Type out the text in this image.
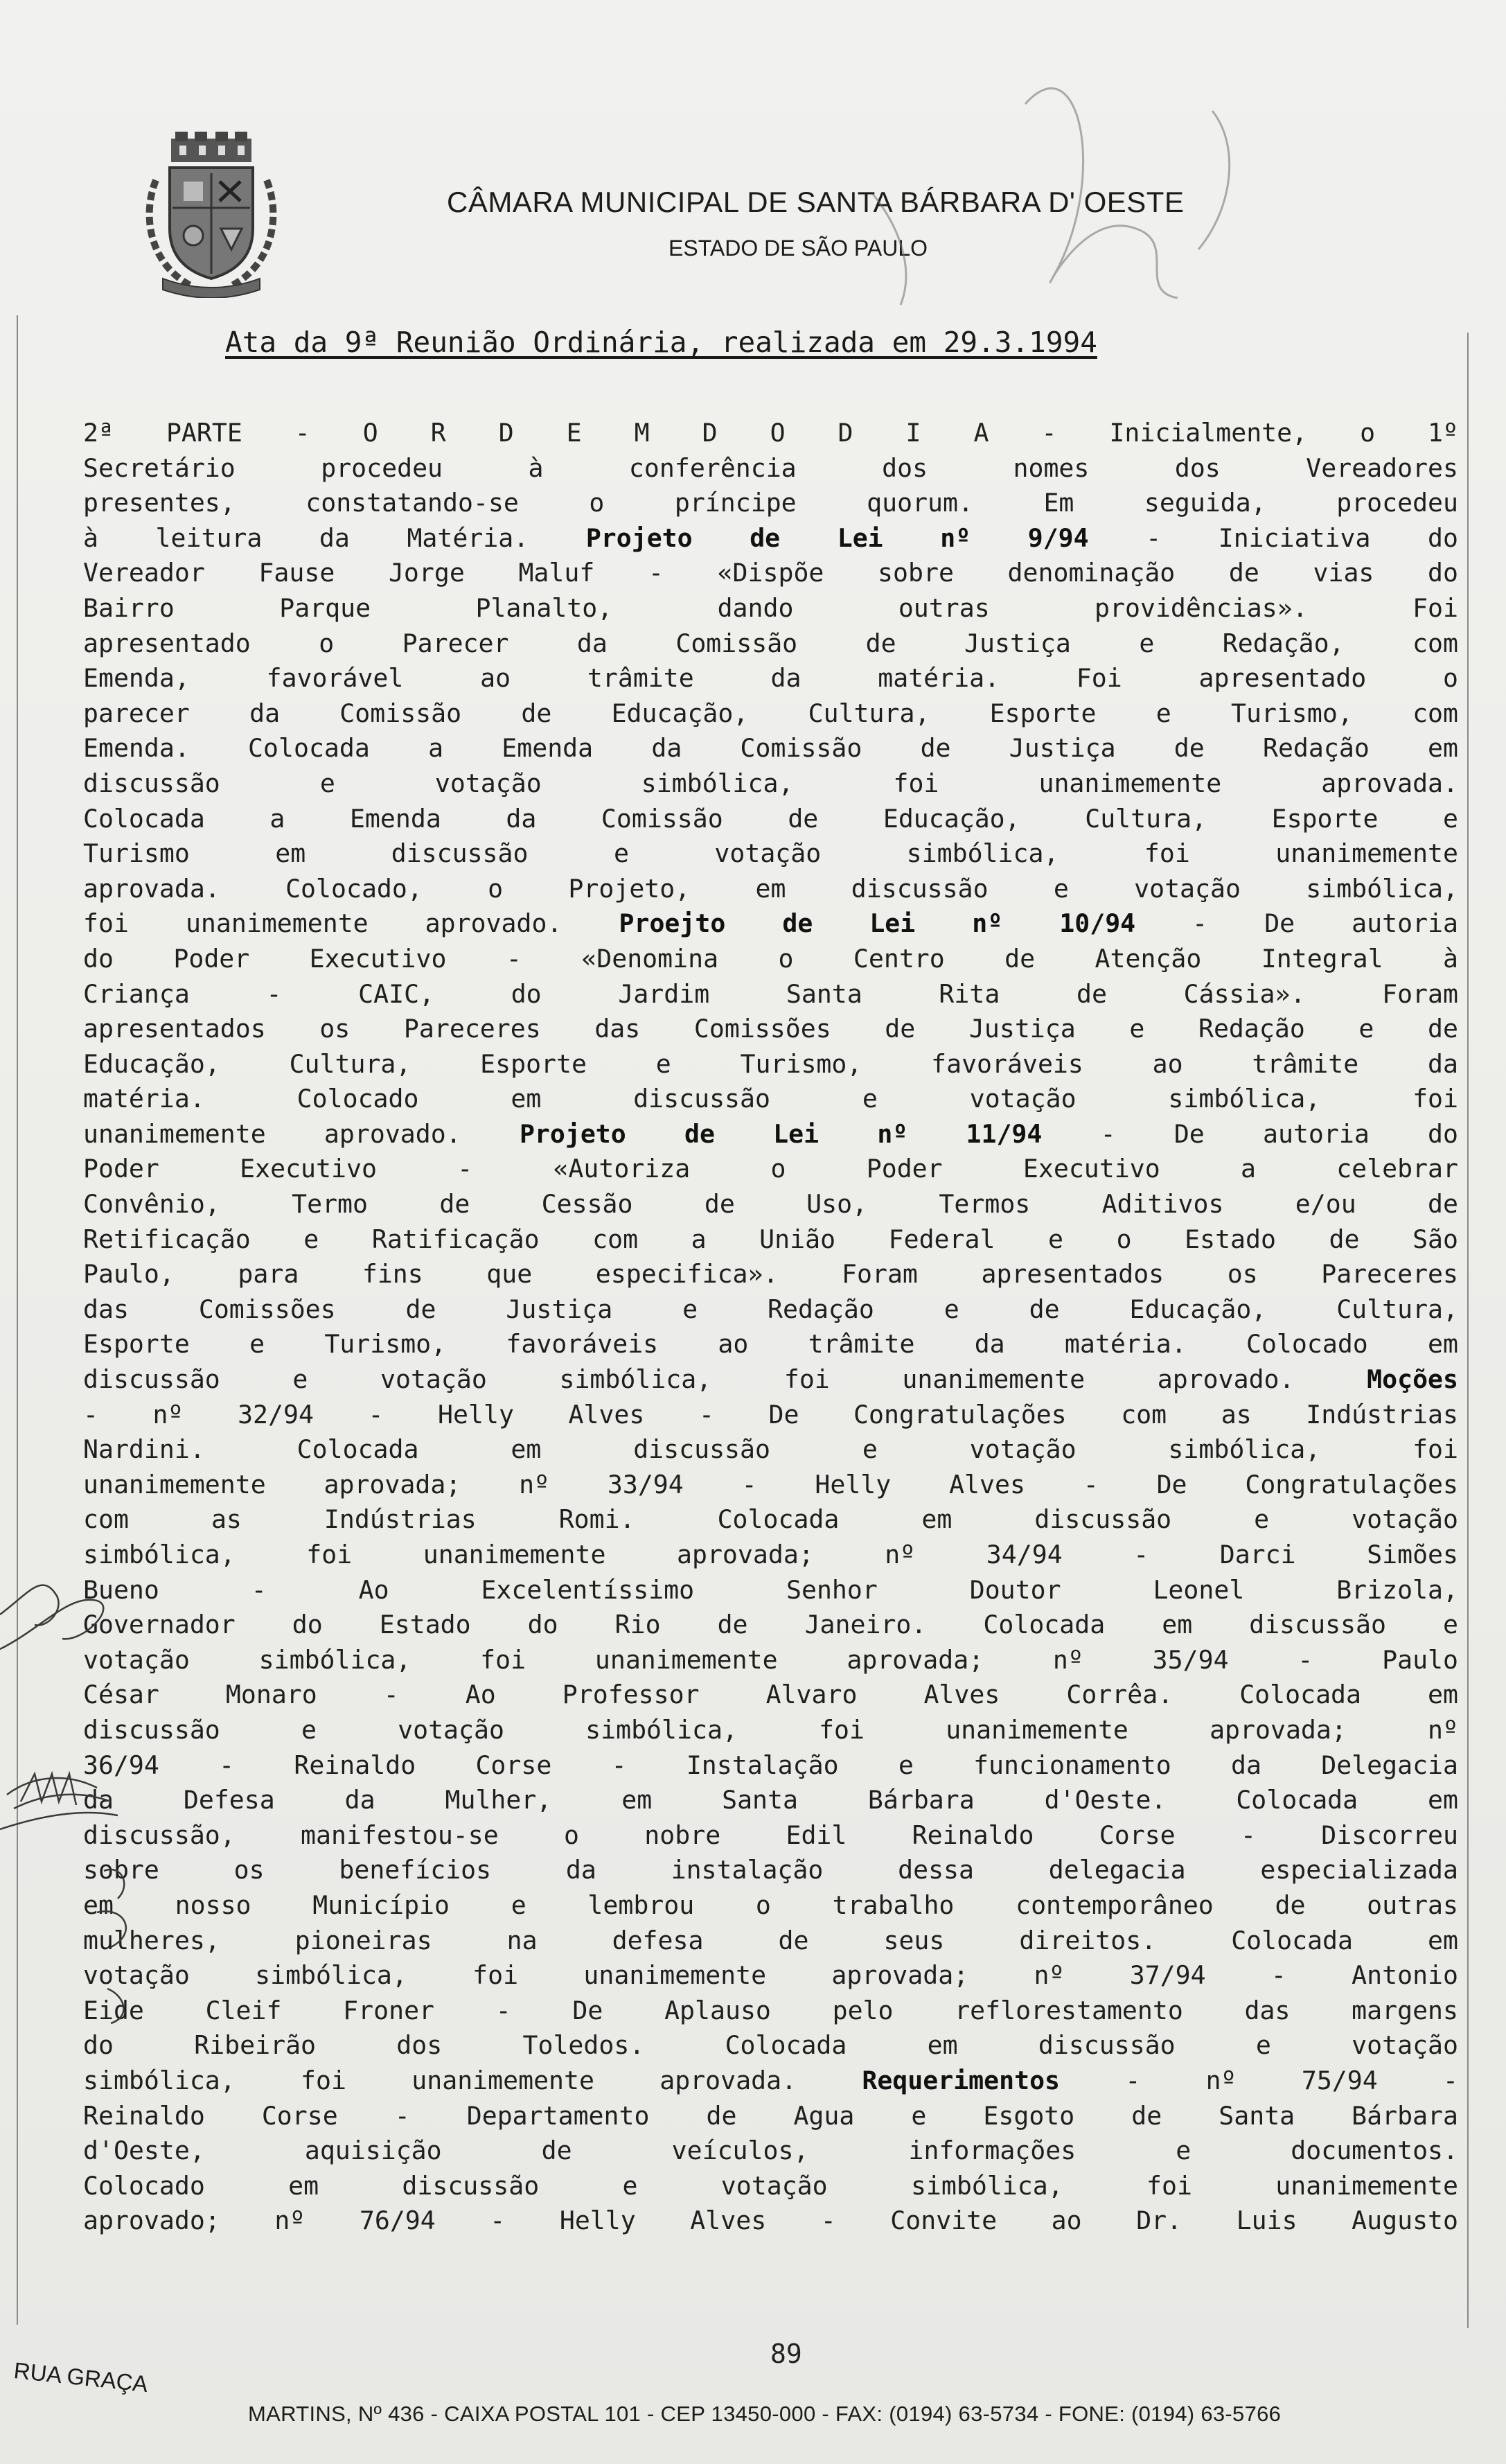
CÂMARA MUNICIPAL DE SANTA BÁRBARA D' OESTE
ESTADO DE SÃO PAULO
Ata da 9ª Reunião Ordinária, realizada em 29.3.1994
2ª PARTE - O R D E M D O D I A - Inicialmente, o 1º
Secretário procedeu à conferência dos nomes dos Vereadores
presentes, constatando-se o príncipe quorum. Em seguida, procedeu
à leitura da Matéria. Projeto de Lei nº 9/94 - Iniciativa do
Vereador Fause Jorge Maluf - «Dispõe sobre denominação de vias do
Bairro Parque Planalto, dando outras providências». Foi
apresentado o Parecer da Comissão de Justiça e Redação, com
Emenda, favorável ao trâmite da matéria. Foi apresentado o
parecer da Comissão de Educação, Cultura, Esporte e Turismo, com
Emenda. Colocada a Emenda da Comissão de Justiça de Redação em
discussão e votação simbólica, foi unanimemente aprovada.
Colocada a Emenda da Comissão de Educação, Cultura, Esporte e
Turismo em discussão e votação simbólica, foi unanimemente
aprovada. Colocado, o Projeto, em discussão e votação simbólica,
foi unanimemente aprovado. Proejto de Lei nº 10/94 - De autoria
do Poder Executivo - «Denomina o Centro de Atenção Integral à
Criança - CAIC, do Jardim Santa Rita de Cássia». Foram
apresentados os Pareceres das Comissões de Justiça e Redação e de
Educação, Cultura, Esporte e Turismo, favoráveis ao trâmite da
matéria. Colocado em discussão e votação simbólica, foi
unanimemente aprovado. Projeto de Lei nº 11/94 - De autoria do
Poder Executivo - «Autoriza o Poder Executivo a celebrar
Convênio, Termo de Cessão de Uso, Termos Aditivos e/ou de
Retificação e Ratificação com a União Federal e o Estado de São
Paulo, para fins que especifica». Foram apresentados os Pareceres
das Comissões de Justiça e Redação e de Educação, Cultura,
Esporte e Turismo, favoráveis ao trâmite da matéria. Colocado em
discussão e votação simbólica, foi unanimemente aprovado. Moções
- nº 32/94 - Helly Alves - De Congratulações com as Indústrias
Nardini. Colocada em discussão e votação simbólica, foi
unanimemente aprovada; nº 33/94 - Helly Alves - De Congratulações
com as Indústrias Romi. Colocada em discussão e votação
simbólica, foi unanimemente aprovada; nº 34/94 - Darci Simões
Bueno - Ao Excelentíssimo Senhor Doutor Leonel Brizola,
Governador do Estado do Rio de Janeiro. Colocada em discussão e
votação simbólica, foi unanimemente aprovada; nº 35/94 - Paulo
César Monaro - Ao Professor Alvaro Alves Corrêa. Colocada em
discussão e votação simbólica, foi unanimemente aprovada; nº
36/94 - Reinaldo Corse - Instalação e funcionamento da Delegacia
da Defesa da Mulher, em Santa Bárbara d'Oeste. Colocada em
discussão, manifestou-se o nobre Edil Reinaldo Corse - Discorreu
sobre os benefícios da instalação dessa delegacia especializada
em nosso Município e lembrou o trabalho contemporâneo de outras
mulheres, pioneiras na defesa de seus direitos. Colocada em
votação simbólica, foi unanimemente aprovada; nº 37/94 - Antonio
Eide Cleif Froner - De Aplauso pelo reflorestamento das margens
do Ribeirão dos Toledos. Colocada em discussão e votação
simbólica, foi unanimemente aprovada. Requerimentos - nº 75/94 -
Reinaldo Corse - Departamento de Agua e Esgoto de Santa Bárbara
d'Oeste, aquisição de veículos, informações e documentos.
Colocado em discussão e votação simbólica, foi unanimemente
aprovado; nº 76/94 - Helly Alves - Convite ao Dr. Luis Augusto
89
RUA GRAÇA
MARTINS, Nº 436 - CAIXA POSTAL 101 - CEP 13450-000 - FAX: (0194) 63-5734 - FONE: (0194) 63-5766
